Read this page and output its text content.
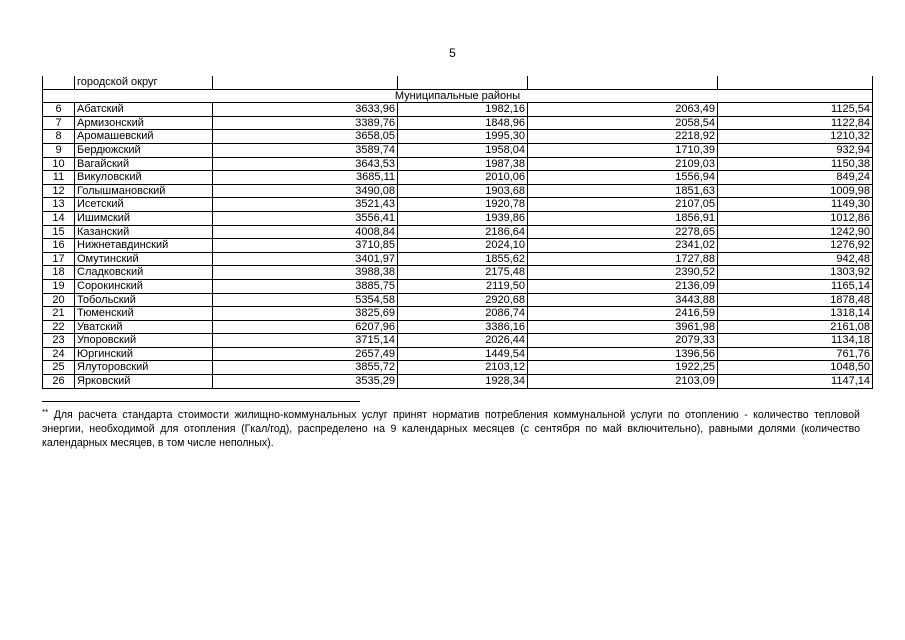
5
	городской округ				
Муниципальные районы					
6	Абатский	3633,96	1982,16	2063,49	1125,54
7	Армизонский	3389,76	1848,96	2058,54	1122,84
8	Аромашевский	3658,05	1995,30	2218,92	1210,32
9	Бердюжский	3589,74	1958,04	1710,39	932,94
10	Вагайский	3643,53	1987,38	2109,03	1150,38
11	Викуловский	3685,11	2010,06	1556,94	849,24
12	Голышмановский	3490,08	1903,68	1851,63	1009,98
13	Исетский	3521,43	1920,78	2107,05	1149,30
14	Ишимский	3556,41	1939,86	1856,91	1012,86
15	Казанский	4008,84	2186,64	2278,65	1242,90
16	Нижнетавдинский	3710,85	2024,10	2341,02	1276,92
17	Омутинский	3401,97	1855,62	1727,88	942,48
18	Сладковский	3988,38	2175,48	2390,52	1303,92
19	Сорокинский	3885,75	2119,50	2136,09	1165,14
20	Тобольский	5354,58	2920,68	3443,88	1878,48
21	Тюменский	3825,69	2086,74	2416,59	1318,14
22	Уватский	6207,96	3386,16	3961,98	2161,08
23	Упоровский	3715,14	2026,44	2079,33	1134,18
24	Юргинский	2657,49	1449,54	1396,56	761,76
25	Ялуторовский	3855,72	2103,12	1922,25	1048,50
26	Ярковский	3535,29	1928,34	2103,09	1147,14
** Для расчета стандарта стоимости жилищно-коммунальных услуг принят норматив потребления коммунальной услуги по отоплению - количество тепловой энергии, необходимой для отопления (Гкал/год), распределено на 9 календарных месяцев (с сентября по май включительно), равными долями (количество календарных месяцев, в том числе неполных).
